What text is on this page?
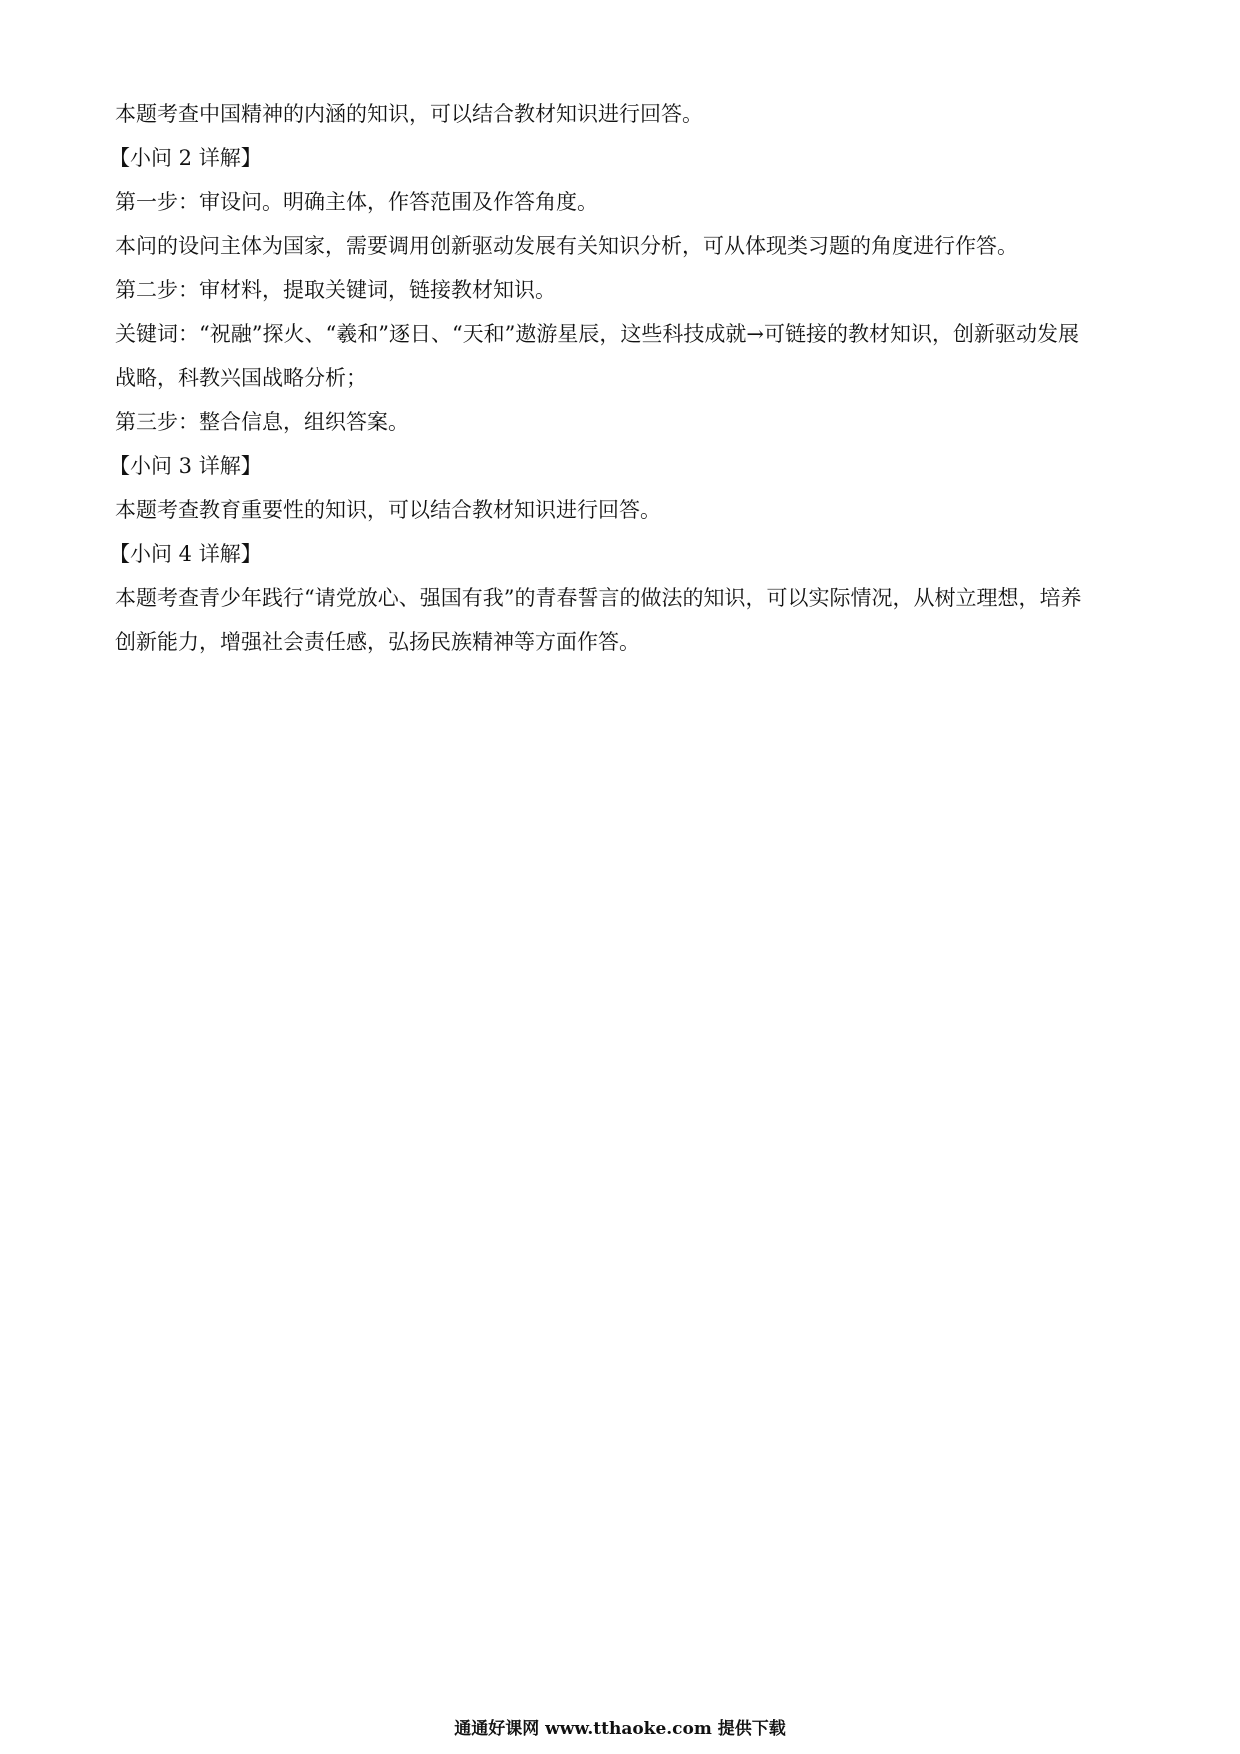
本题考查中国精神的内涵的知识，可以结合教材知识进行回答。

【小问 2 详解】

第一步：审设问。明确主体，作答范围及作答角度。

本问的设问主体为国家，需要调用创新驱动发展有关知识分析，可从体现类习题的角度进行作答。

第二步：审材料，提取关键词，链接教材知识。

关键词：“祝融”探火、“羲和”逐日、“天和”遨游星辰，这些科技成就→可链接的教材知识，创新驱动发展

战略，科教兴国战略分析；

第三步：整合信息，组织答案。

【小问 3 详解】

本题考查教育重要性的知识，可以结合教材知识进行回答。

【小问 4 详解】

本题考查青少年践行“请党放心、强国有我”的青春誓言的做法的知识，可以实际情况，从树立理想，培养

创新能力，增强社会责任感，弘扬民族精神等方面作答。

通通好课网 www.tthaoke.com 提供下载
